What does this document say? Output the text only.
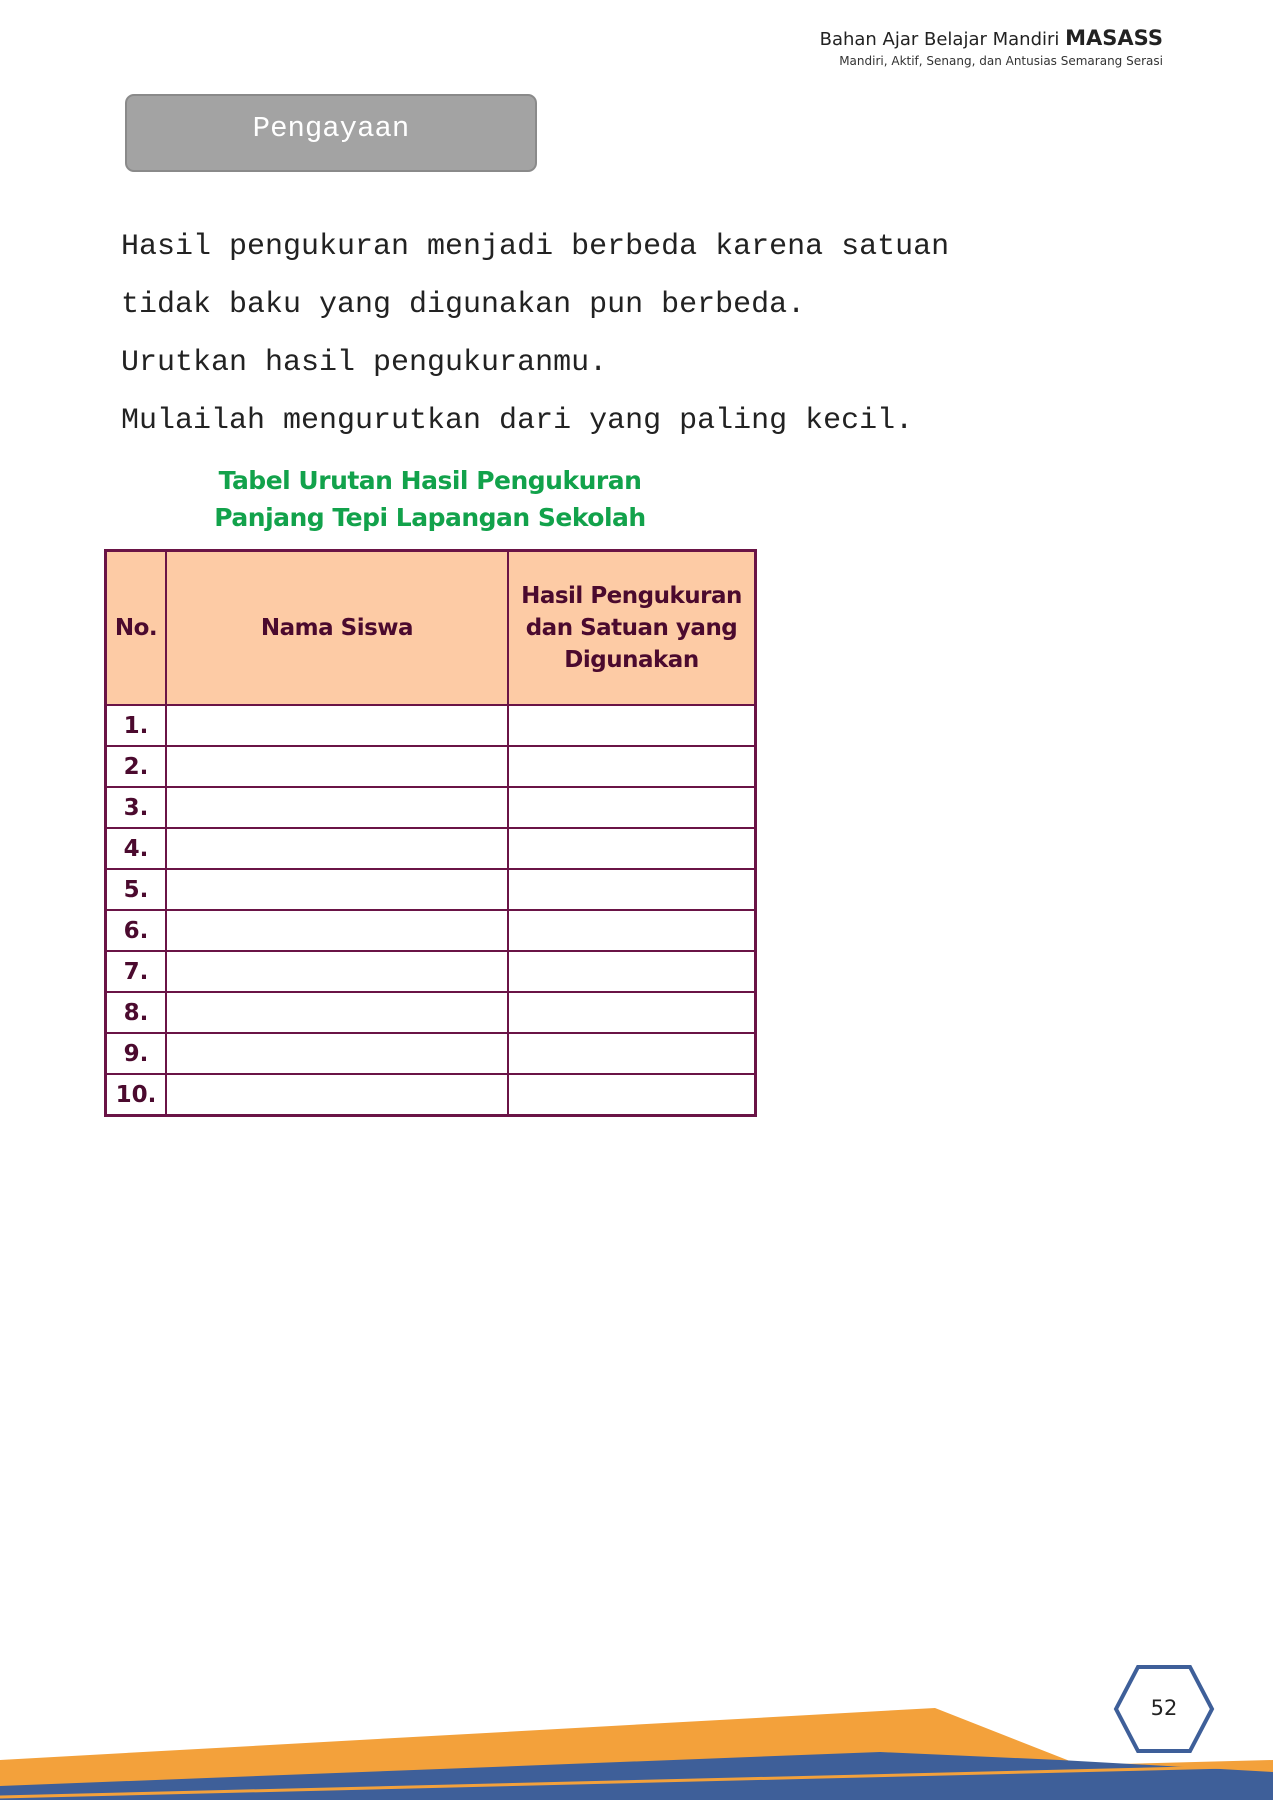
Bahan Ajar Belajar Mandiri MASASS
Mandiri, Aktif, Senang, dan Antusias Semarang Serasi
Pengayaan
Hasil pengukuran menjadi berbeda karena satuan
tidak baku yang digunakan pun berbeda.
Urutkan hasil pengukuranmu.
Mulailah mengurutkan dari yang paling kecil.
Tabel Urutan Hasil Pengukuran
Panjang Tepi Lapangan Sekolah
No.	Nama Siswa	Hasil Pengukuran
dan Satuan yang
Digunakan

1.		
2.		
3.		
4.		
5.		
6.		
7.		
8.		
9.		
10.		
52
